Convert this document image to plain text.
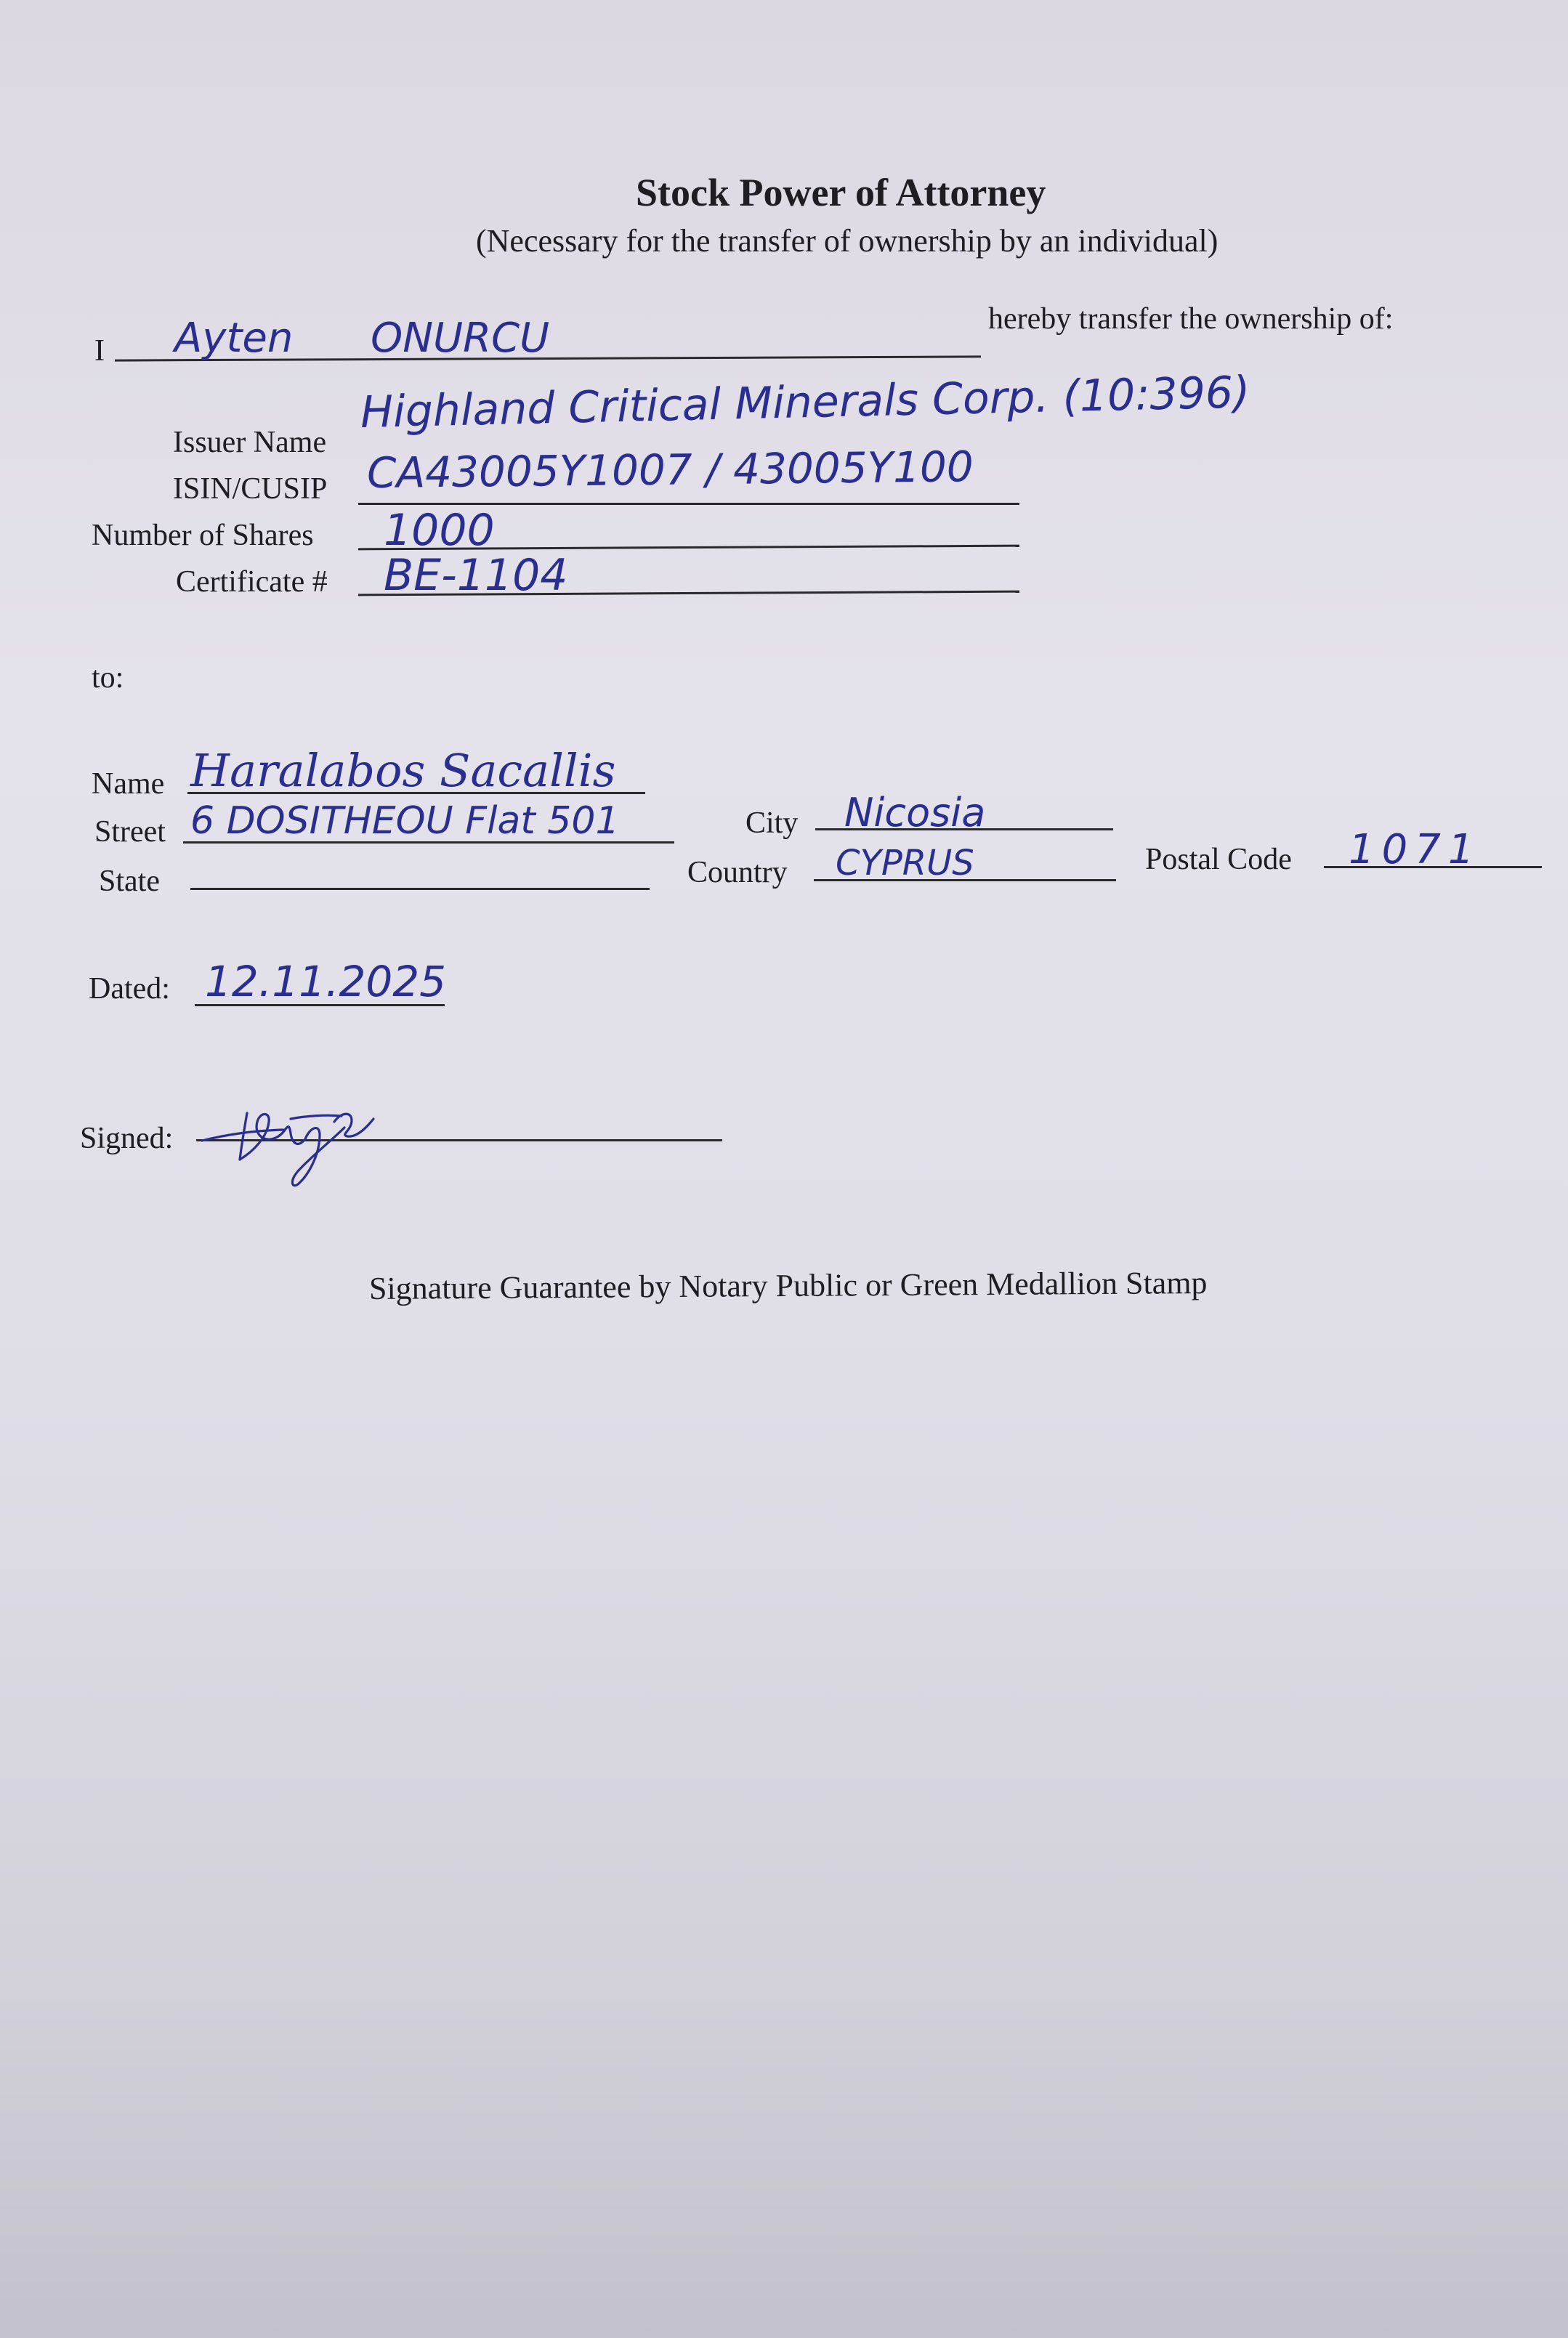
Stock Power of Attorney
(Necessary for the transfer of ownership by an individual)
I Ayten      ONURCU	hereby transfer the ownership of:
Issuer Name
Highland Critical Minerals Corp. (10:396)
ISIN/CUSIP CA43005Y1007 / 43005Y100
Number of Shares 1000
Certificate # BE-1104
to:
Name Haralabos Sacallis
Street 6 DOSITHEOU Flat 501	City Nicosia
State	Country CYPRUS	Postal Code 1071
Dated: 12.11.2025
Signed:
Signature Guarantee by Notary Public or Green Medallion Stamp
